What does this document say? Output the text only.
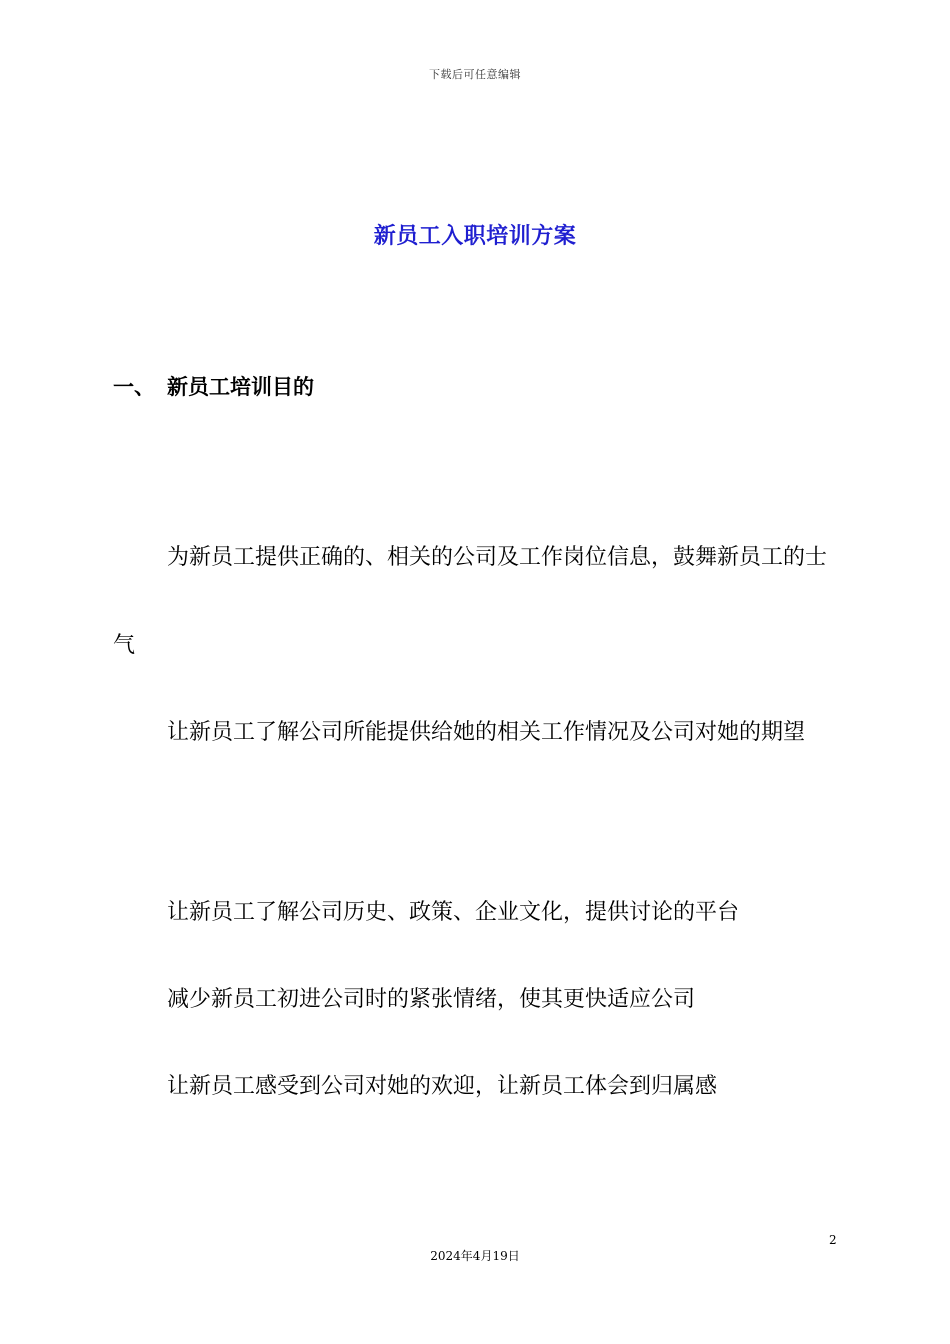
下载后可任意编辑
新员工入职培训方案
一、 新员工培训目的

为新员工提供正确的、相关的公司及工作岗位信息，鼓舞新员工的士气

让新员工了解公司所能提供给她的相关工作情况及公司对她的期望

让新员工了解公司历史、政策、企业文化，提供讨论的平台

减少新员工初进公司时的紧张情绪，使其更快适应公司

让新员工感受到公司对她的欢迎，让新员工体会到归属感

2
2024年4月19日
